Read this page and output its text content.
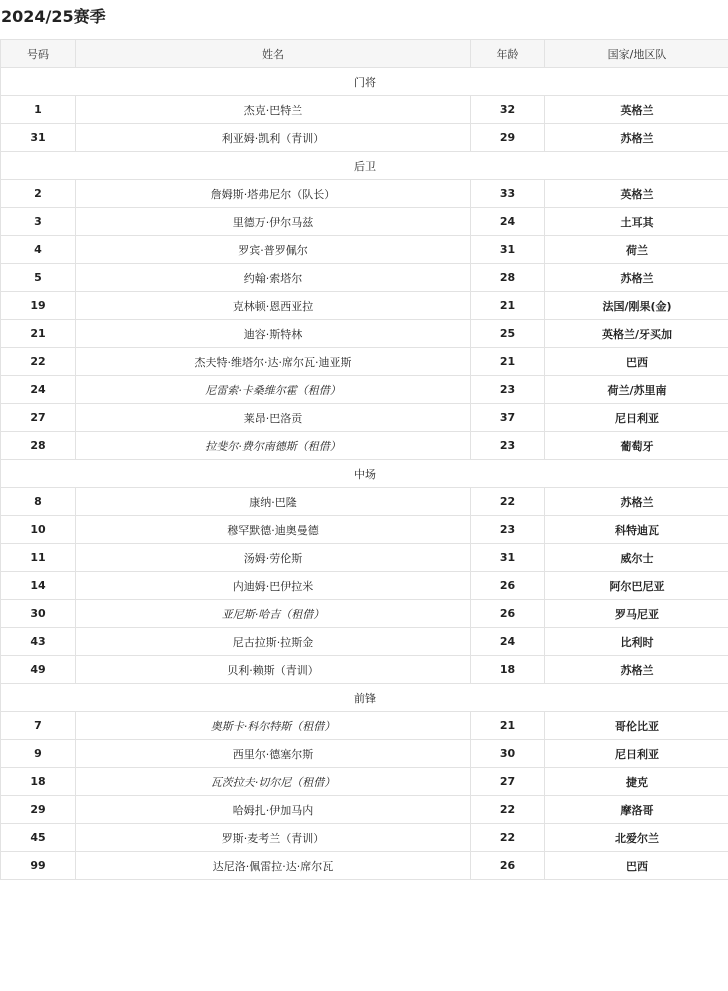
2024/25赛季
号码	姓名	年龄	国家/地区队
门将			
1	杰克·巴特兰	32	英格兰
31	利亚姆·凯利（青训）	29	苏格兰
后卫			
2	詹姆斯·塔弗尼尔（队长）	33	英格兰
3	里德万·伊尔马兹	24	土耳其
4	罗宾·普罗佩尔	31	荷兰
5	约翰·索塔尔	28	苏格兰
19	克林顿·恩西亚拉	21	法国/刚果(金)
21	迪容·斯特林	25	英格兰/牙买加
22	杰夫特·维塔尔·达·席尔瓦·迪亚斯	21	巴西
24	尼雷索·卡桑维尔霍（租借）	23	荷兰/苏里南
27	莱昂·巴洛贡	37	尼日利亚
28	拉斐尔·费尔南德斯（租借）	23	葡萄牙
中场			
8	康纳·巴隆	22	苏格兰
10	穆罕默德·迪奥曼德	23	科特迪瓦
11	汤姆·劳伦斯	31	威尔士
14	内迪姆·巴伊拉米	26	阿尔巴尼亚
30	亚尼斯·哈吉（租借）	26	罗马尼亚
43	尼古拉斯·拉斯金	24	比利时
49	贝利·赖斯（青训）	18	苏格兰
前锋			
7	奥斯卡·科尔特斯（租借）	21	哥伦比亚
9	西里尔·德塞尔斯	30	尼日利亚
18	瓦茨拉夫·切尔尼（租借）	27	捷克
29	哈姆扎·伊加马内	22	摩洛哥
45	罗斯·麦考兰（青训）	22	北爱尔兰
99	达尼洛·佩雷拉·达·席尔瓦	26	巴西
